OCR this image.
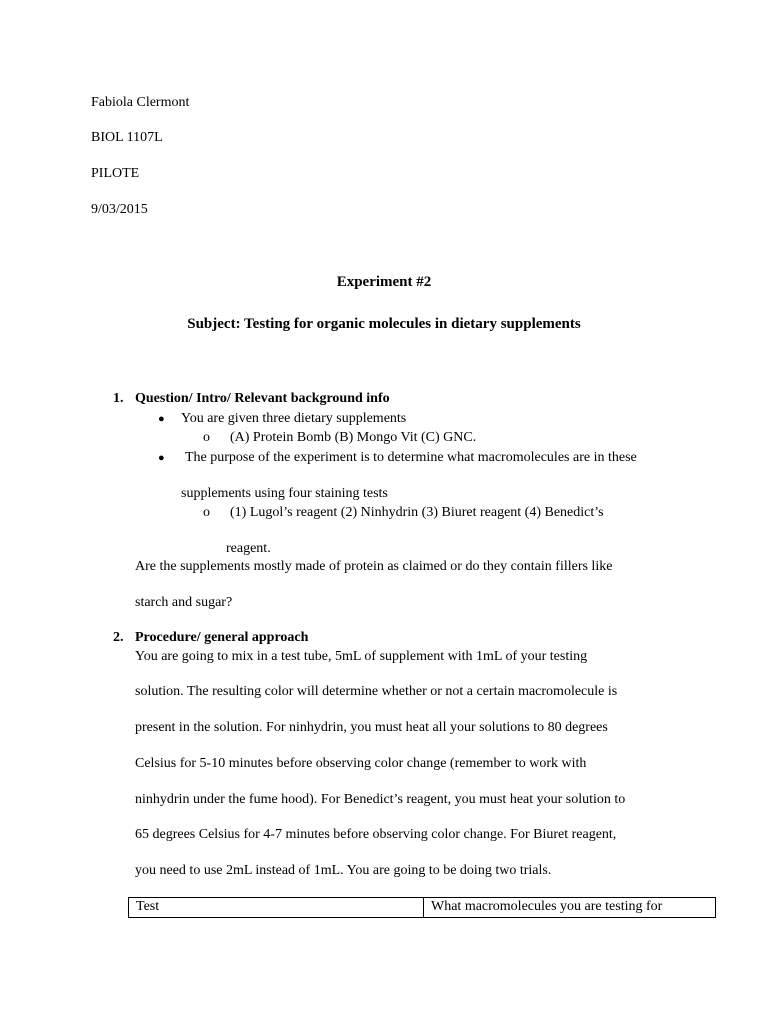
Fabiola Clermont
BIOL 1107L
PILOTE
9/03/2015
Experiment #2
Subject: Testing for organic molecules in dietary supplements
1. Question/ Intro/ Relevant background info
● You are given three dietary supplements
o (A) Protein Bomb (B) Mongo Vit (C) GNC.
● The purpose of the experiment is to determine what macromolecules are in these
supplements using four staining tests
o (1) Lugol’s reagent (2) Ninhydrin (3) Biuret reagent (4) Benedict’s
reagent.
Are the supplements mostly made of protein as claimed or do they contain fillers like
starch and sugar?
2. Procedure/ general approach
You are going to mix in a test tube, 5mL of supplement with 1mL of your testing
solution. The resulting color will determine whether or not a certain macromolecule is
present in the solution. For ninhydrin, you must heat all your solutions to 80 degrees
Celsius for 5-10 minutes before observing color change (remember to work with
ninhydrin under the fume hood). For Benedict’s reagent, you must heat your solution to
65 degrees Celsius for 4-7 minutes before observing color change. For Biuret reagent,
you need to use 2mL instead of 1mL. You are going to be doing two trials.
Test	What macromolecules you are testing for
